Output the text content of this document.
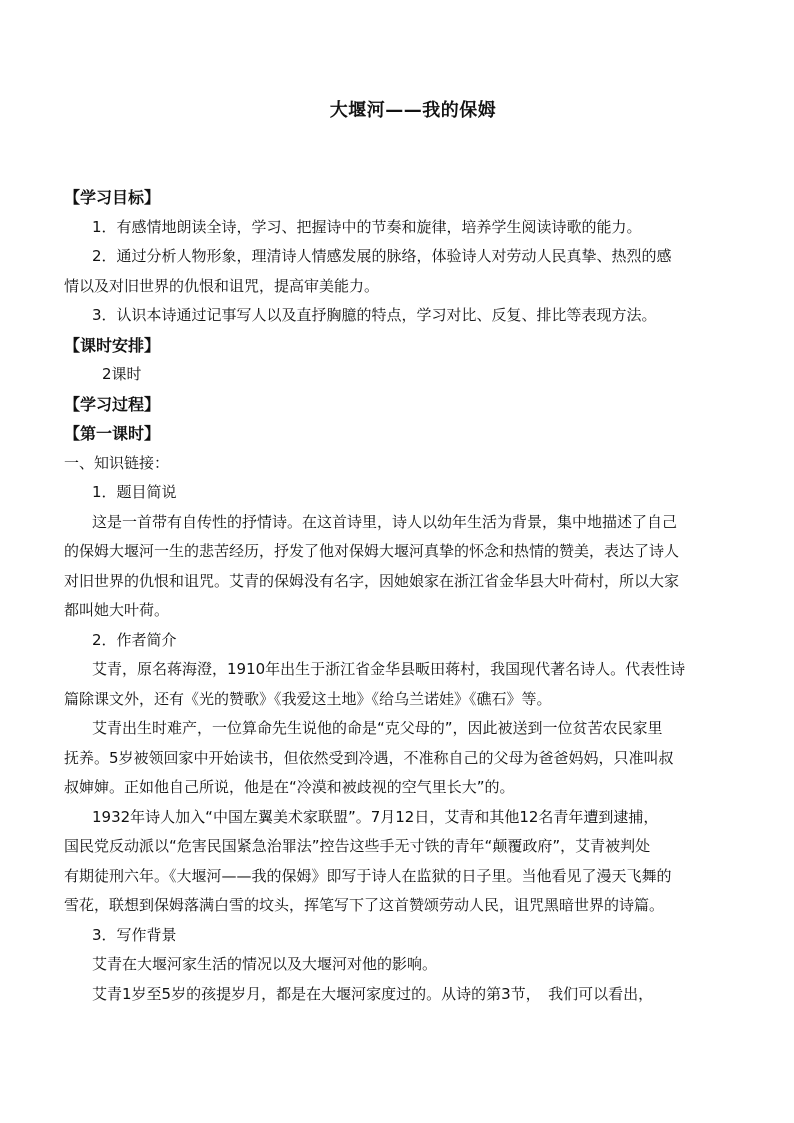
大堰河——我的保姆
【学习目标】
1．有感情地朗读全诗，学习、把握诗中的节奏和旋律，培养学生阅读诗歌的能力。
2．通过分析人物形象，理清诗人情感发展的脉络，体验诗人对劳动人民真挚、热烈的感
情以及对旧世界的仇恨和诅咒，提高审美能力。
3．认识本诗通过记事写人以及直抒胸臆的特点，学习对比、反复、排比等表现方法。
【课时安排】
2课时
【学习过程】
【第一课时】
一、知识链接：
1．题目简说
这是一首带有自传性的抒情诗。在这首诗里，诗人以幼年生活为背景，集中地描述了自己
的保姆大堰河一生的悲苦经历，抒发了他对保姆大堰河真挚的怀念和热情的赞美，表达了诗人
对旧世界的仇恨和诅咒。艾青的保姆没有名字，因她娘家在浙江省金华县大叶荷村，所以大家
都叫她大叶荷。
2．作者简介
艾青，原名蒋海澄，1910年出生于浙江省金华县畈田蒋村，我国现代著名诗人。代表性诗
篇除课文外，还有《光的赞歌》《我爱这土地》《给乌兰诺娃》《礁石》等。
艾青出生时难产，一位算命先生说他的命是“克父母的”，因此被送到一位贫苦农民家里
抚养。5岁被领回家中开始读书，但依然受到冷遇，不准称自己的父母为爸爸妈妈，只准叫叔
叔婶婶。正如他自己所说，他是在“冷漠和被歧视的空气里长大”的。
1932年诗人加入“中国左翼美术家联盟”。7月12日，艾青和其他12名青年遭到逮捕，
国民党反动派以“危害民国紧急治罪法”控告这些手无寸铁的青年“颠覆政府”，艾青被判处
有期徒刑六年。《大堰河——我的保姆》即写于诗人在监狱的日子里。当他看见了漫天飞舞的
雪花，联想到保姆落满白雪的坟头，挥笔写下了这首赞颂劳动人民，诅咒黑暗世界的诗篇。
3．写作背景
艾青在大堰河家生活的情况以及大堰河对他的影响。
艾青1岁至5岁的孩提岁月，都是在大堰河家度过的。从诗的第3节，　我们可以看出，
